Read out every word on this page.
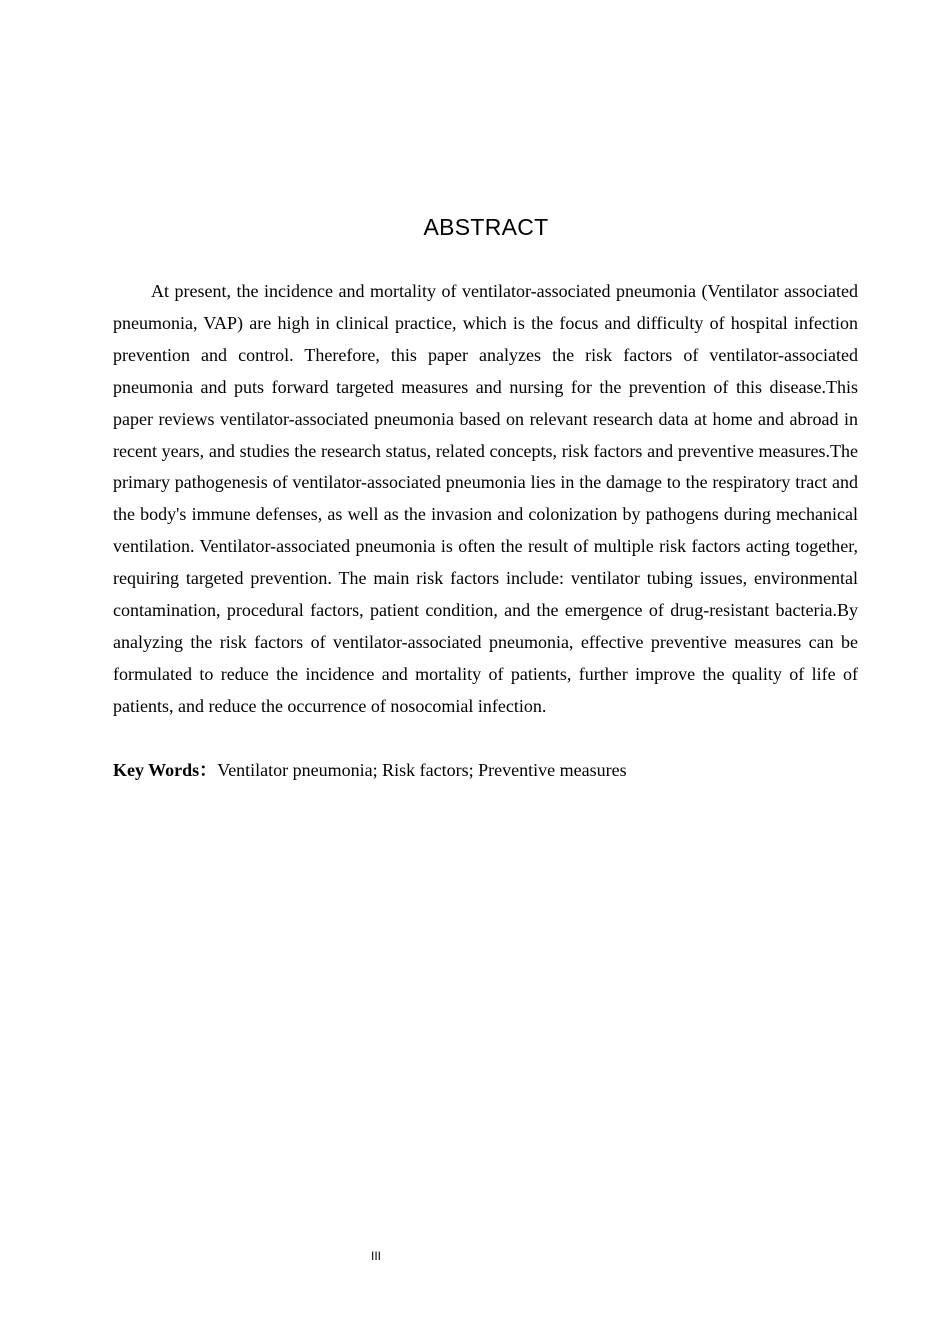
ABSTRACT

At present, the incidence and mortality of ventilator-associated pneumonia (Ventilator associated pneumonia, VAP) are high in clinical practice, which is the focus and difficulty of hospital infection prevention and control. Therefore, this paper analyzes the risk factors of ventilator-associated pneumonia and puts forward targeted measures and nursing for the prevention of this disease.This paper reviews ventilator-associated pneumonia based on relevant research data at home and abroad in recent years, and studies the research status, related concepts, risk factors and preventive measures.The primary pathogenesis of ventilator-associated pneumonia lies in the damage to the respiratory tract and the body's immune defenses, as well as the invasion and colonization by pathogens during mechanical ventilation. Ventilator-associated pneumonia is often the result of multiple risk factors acting together, requiring targeted prevention. The main risk factors include: ventilator tubing issues, environmental contamination, procedural factors, patient condition, and the emergence of drug-resistant bacteria.By analyzing the risk factors of ventilator-associated pneumonia, effective preventive measures can be formulated to reduce the incidence and mortality of patients, further improve the quality of life of patients, and reduce the occurrence of nosocomial infection.

Key Words：Ventilator pneumonia; Risk factors; Preventive measures

III
